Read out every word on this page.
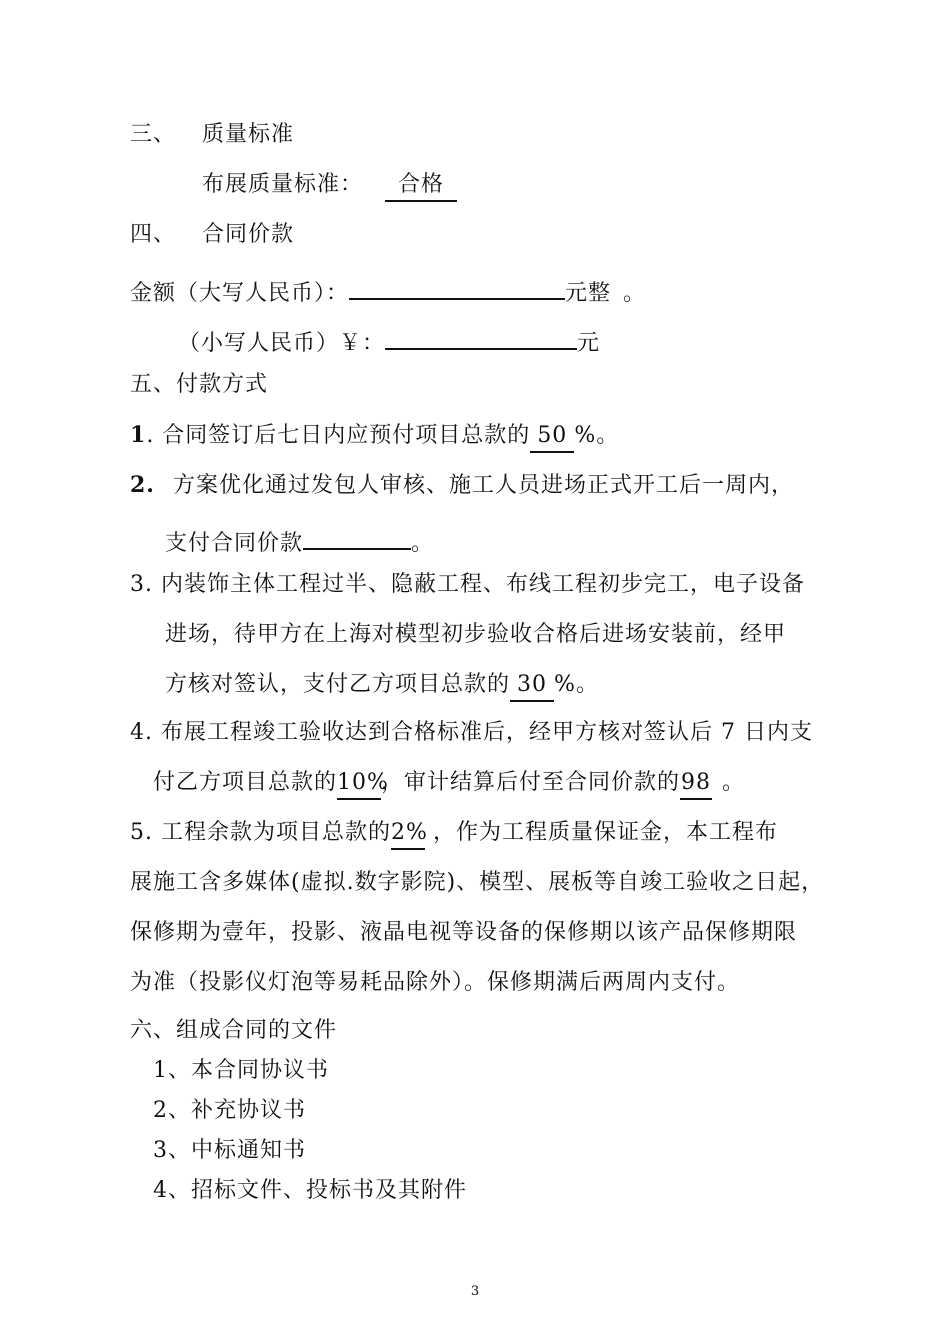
三、 质量标准
布展质量标准： 合格
四、 合同价款
金额（大写人民币）：	元整 。
（小写人民币）￥：	元
五、付款方式
1. 合同签订后七日内应预付项目总款的 50 %。
2. 方案优化通过发包人审核、施工人员进场正式开工后一周内，
支付合同价款	。
3. 内装饰主体工程过半、隐蔽工程、布线工程初步完工，电子设备
进场，待甲方在上海对模型初步验收合格后进场安装前，经甲
方核对签认，支付乙方项目总款的 30 %。
4. 布展工程竣工验收达到合格标准后，经甲方核对签认后 7 日内支
付乙方项目总款的10%，审计结算后付至合同价款的98 。
5. 工程余款为项目总款的2% ，作为工程质量保证金，本工程布
展施工含多媒体(虚拟.数字影院)、模型、展板等自竣工验收之日起，
保修期为壹年，投影、液晶电视等设备的保修期以该产品保修期限
为准（投影仪灯泡等易耗品除外）。保修期满后两周内支付。
六、组成合同的文件
1、本合同协议书
2、补充协议书
3、中标通知书
4、招标文件、投标书及其附件
3
